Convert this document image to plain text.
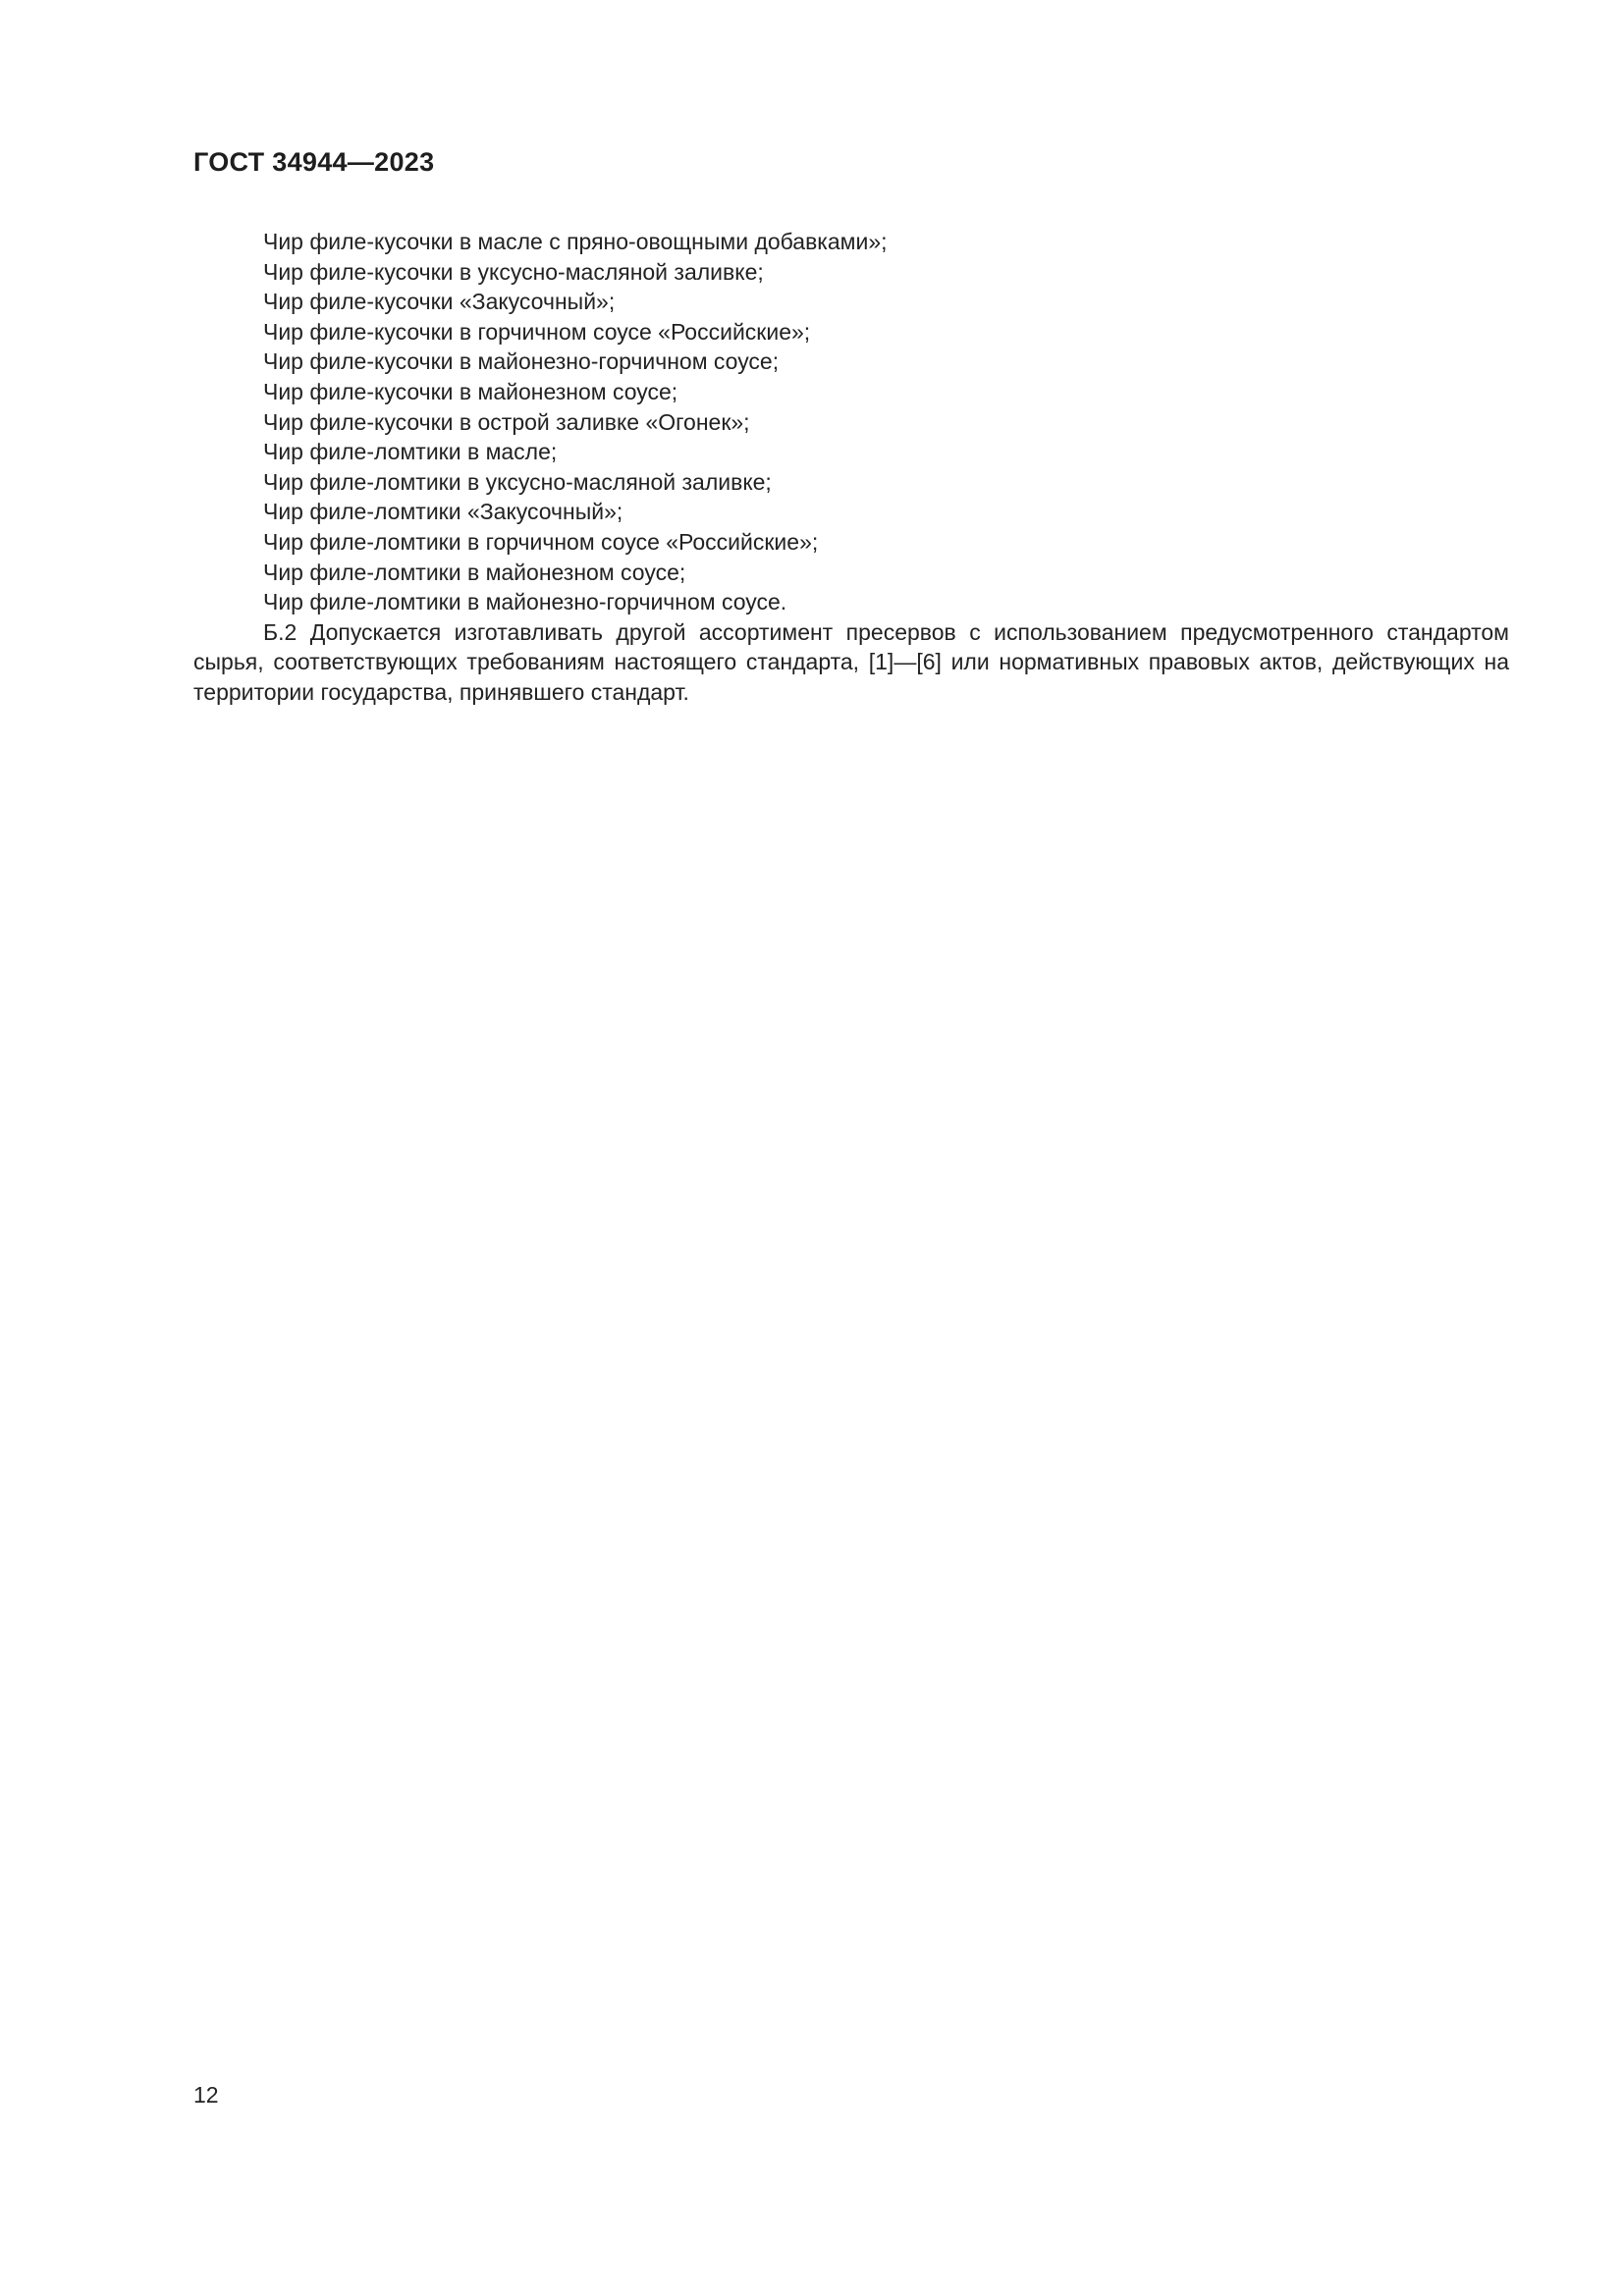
ГОСТ 34944—2023
Чир филе-кусочки в масле с пряно-овощными добавками»;
Чир филе-кусочки в уксусно-масляной заливке;
Чир филе-кусочки «Закусочный»;
Чир филе-кусочки в горчичном соусе «Российские»;
Чир филе-кусочки в майонезно-горчичном соусе;
Чир филе-кусочки в майонезном соусе;
Чир филе-кусочки в острой заливке «Огонек»;
Чир филе-ломтики в масле;
Чир филе-ломтики в уксусно-масляной заливке;
Чир филе-ломтики «Закусочный»;
Чир филе-ломтики в горчичном соусе «Российские»;
Чир филе-ломтики в майонезном соусе;
Чир филе-ломтики в майонезно-горчичном соусе.

Б.2 Допускается изготавливать другой ассортимент пресервов с использованием предусмотренного стандартом сырья, соответствующих требованиям настоящего стандарта, [1]—[6] или нормативных правовых актов, действующих на территории государства, принявшего стандарт.

12
